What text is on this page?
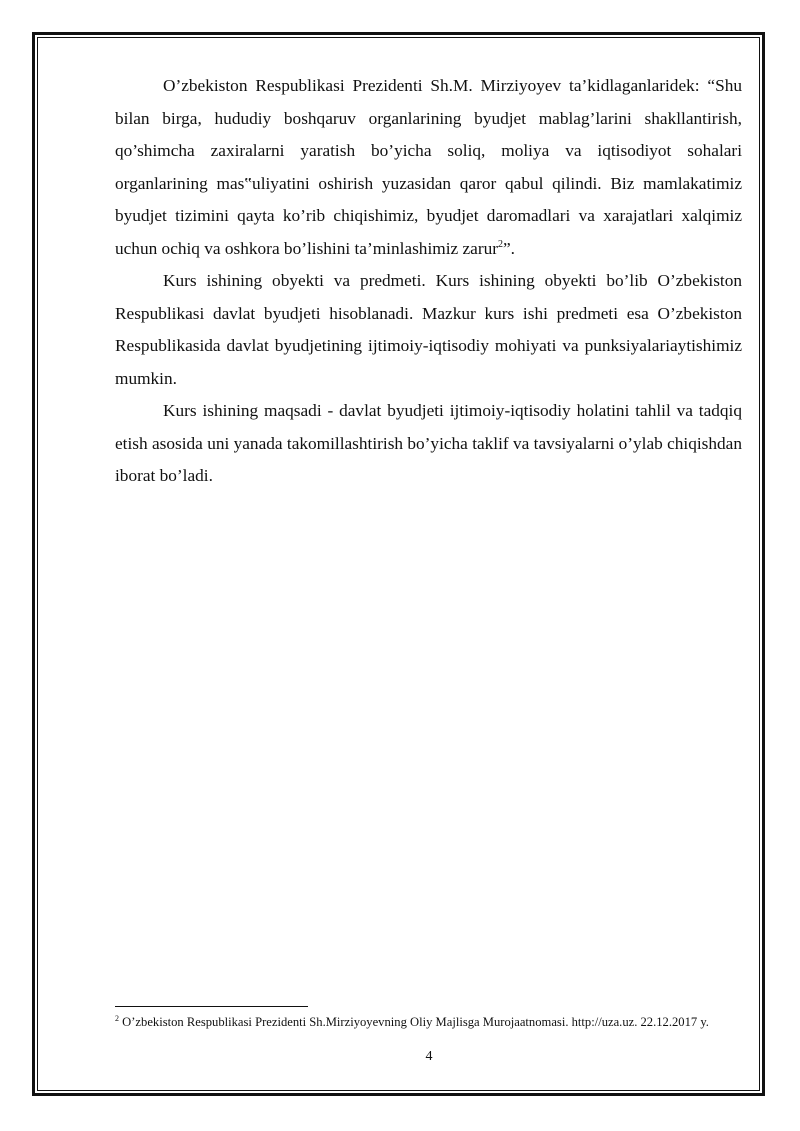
O’zbekiston Respublikasi Prezidenti Sh.M. Mirziyoyev ta’kidlaganlaridek: “Shu bilan birga, hududiy boshqaruv organlarining byudjet mablag’larini shakllantirish, qo’shimcha zaxiralarni yaratish bo’yicha soliq, moliya va iqtisodiyot sohalari organlarining mas‟uliyatini oshirish yuzasidan qaror qabul qilindi. Biz mamlakatimiz byudjet tizimini qayta ko’rib chiqishimiz, byudjet daromadlari va xarajatlari xalqimiz uchun ochiq va oshkora bo’lishini ta’minlashimiz zarur$^2$”.

Kurs ishining obyekti va predmeti. Kurs ishining obyekti bo’lib O’zbekiston Respublikasi davlat byudjeti hisoblanadi. Mazkur kurs ishi predmeti esa O’zbekiston Respublikasida davlat byudjetining ijtimoiy-iqtisodiy mohiyati va punksiyalariaytishimiz mumkin.

Kurs ishining maqsadi - davlat byudjeti ijtimoiy-iqtisodiy holatini tahlil va tadqiq etish asosida uni yanada takomillashtirish bo’yicha taklif va tavsiyalarni o’ylab chiqishdan iborat bo’ladi.

$^2$ O’zbekiston Respublikasi Prezidenti Sh.Mirziyoyevning Oliy Majlisga Murojaatnomasi. http://uza.uz. 22.12.2017 y.
4
